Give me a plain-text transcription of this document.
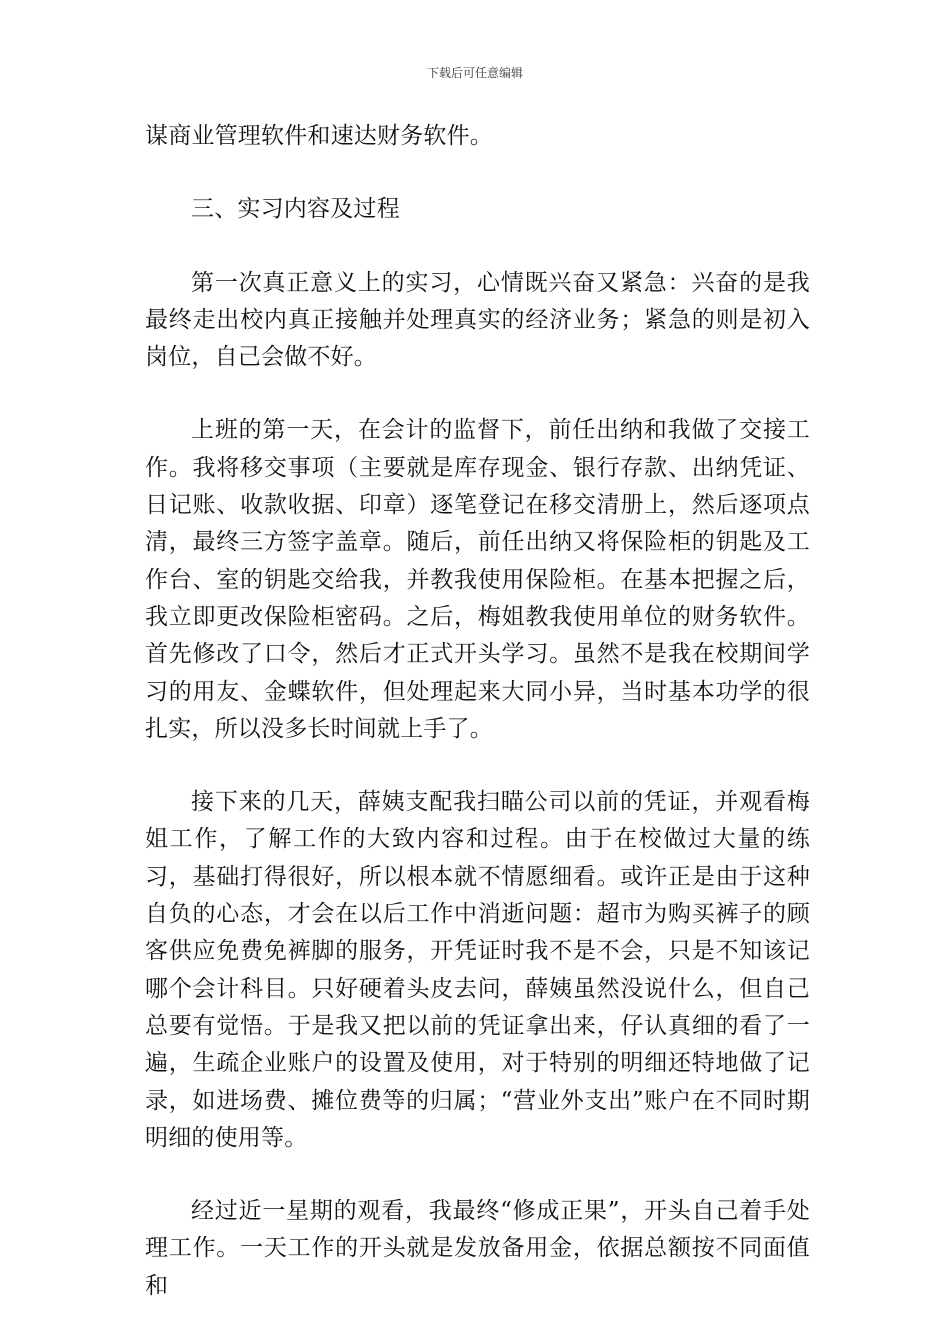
下载后可任意编辑

谋商业管理软件和速达财务软件。

三、实习内容及过程

第一次真正意义上的实习，心情既兴奋又紧急：兴奋的是我最终走出校内真正接触并处理真实的经济业务；紧急的则是初入岗位，自己会做不好。

上班的第一天，在会计的监督下，前任出纳和我做了交接工作。我将移交事项（主要就是库存现金、银行存款、出纳凭证、日记账、收款收据、印章）逐笔登记在移交清册上，然后逐项点清，最终三方签字盖章。随后，前任出纳又将保险柜的钥匙及工作台、室的钥匙交给我，并教我使用保险柜。在基本把握之后，我立即更改保险柜密码。之后，梅姐教我使用单位的财务软件。首先修改了口令，然后才正式开头学习。虽然不是我在校期间学习的用友、金蝶软件，但处理起来大同小异，当时基本功学的很扎实，所以没多长时间就上手了。

接下来的几天，薛姨支配我扫瞄公司以前的凭证，并观看梅姐工作，了解工作的大致内容和过程。由于在校做过大量的练习，基础打得很好，所以根本就不情愿细看。或许正是由于这种自负的心态，才会在以后工作中消逝问题：超市为购买裤子的顾客供应免费免裤脚的服务，开凭证时我不是不会，只是不知该记哪个会计科目。只好硬着头皮去问，薛姨虽然没说什么，但自己总要有觉悟。于是我又把以前的凭证拿出来，仔认真细的看了一遍，生疏企业账户的设置及使用，对于特别的明细还特地做了记录，如进场费、摊位费等的归属；“营业外支出”账户在不同时期明细的使用等。

经过近一星期的观看，我最终“修成正果”，开头自己着手处理工作。一天工作的开头就是发放备用金，依据总额按不同面值和
